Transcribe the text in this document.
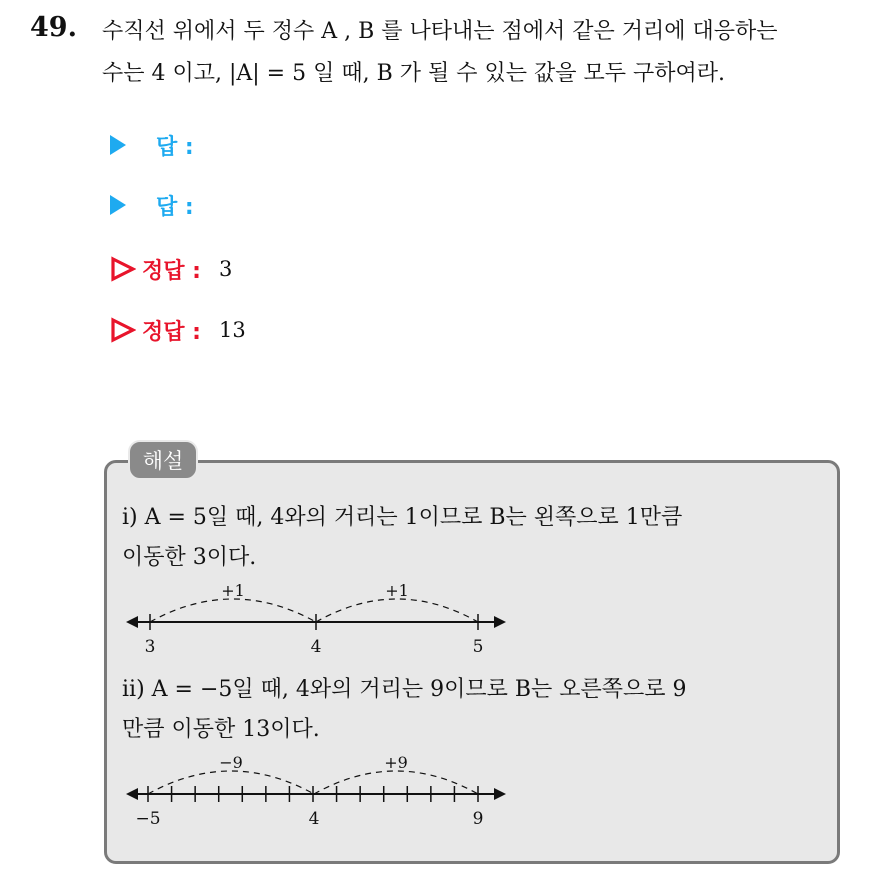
49. 수직선 위에서 두 정수 A , B 를 나타내는 점에서 같은 거리에 대응하는
수는 4 이고, |A| = 5 일 때, B 가 될 수 있는 값을 모두 구하여라.
답 :
답 :
정답 : 3
정답 : 13
해설
ⅰ) A = 5일 때, 4와의 거리는 1이므로 B는 왼쪽으로 1만큼
이동한 3이다.
+1	+1
3	4	5
ⅱ) A = −5일 때, 4와의 거리는 9이므로 B는 오른쪽으로 9
만큼 이동한 13이다.
−9	+9
−5	4	9
